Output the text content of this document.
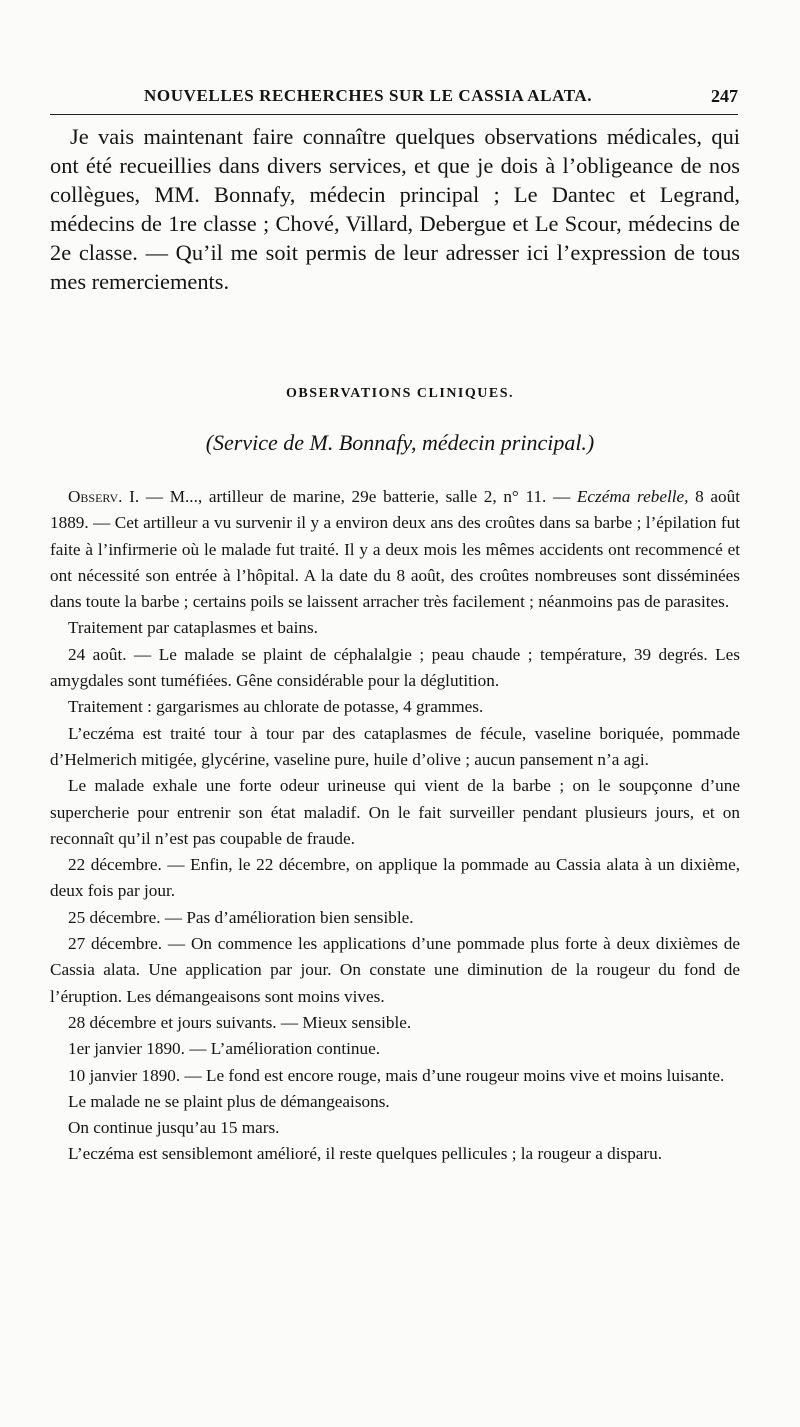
NOUVELLES RECHERCHES SUR LE CASSIA ALATA.	247

Je vais maintenant faire connaître quelques observations médicales, qui ont été recueillies dans divers services, et que je dois à l’obligeance de nos collègues, MM. Bonnafy, médecin principal ; Le Dantec et Legrand, médecins de 1re classe ; Chové, Villard, Debergue et Le Scour, médecins de 2e classe. — Qu’il me soit permis de leur adresser ici l’expression de tous mes remerciements.

OBSERVATIONS CLINIQUES.
(Service de M. Bonnafy, médecin principal.)

Observ. I. — M..., artilleur de marine, 29e batterie, salle 2, n° 11. — Eczéma rebelle, 8 août 1889. — Cet artilleur a vu survenir il y a environ deux ans des croûtes dans sa barbe ; l’épilation fut faite à l’infirmerie où le malade fut traité. Il y a deux mois les mêmes accidents ont recommencé et ont nécessité son entrée à l’hôpital. A la date du 8 août, des croûtes nombreuses sont disséminées dans toute la barbe ; certains poils se laissent arracher très facilement ; néanmoins pas de parasites.

Traitement par cataplasmes et bains.

24 août. — Le malade se plaint de céphalalgie ; peau chaude ; température, 39 degrés. Les amygdales sont tuméfiées. Gêne considérable pour la déglutition.

Traitement : gargarismes au chlorate de potasse, 4 grammes.

L’eczéma est traité tour à tour par des cataplasmes de fécule, vaseline boriquée, pommade d’Helmerich mitigée, glycérine, vaseline pure, huile d’olive ; aucun pansement n’a agi.

Le malade exhale une forte odeur urineuse qui vient de la barbe ; on le soupçonne d’une supercherie pour entrenir son état maladif. On le fait surveiller pendant plusieurs jours, et on reconnaît qu’il n’est pas coupable de fraude.

22 décembre. — Enfin, le 22 décembre, on applique la pommade au Cassia alata à un dixième, deux fois par jour.

25 décembre. — Pas d’amélioration bien sensible.

27 décembre. — On commence les applications d’une pommade plus forte à deux dixièmes de Cassia alata. Une application par jour. On constate une diminution de la rougeur du fond de l’éruption. Les démangeaisons sont moins vives.

28 décembre et jours suivants. — Mieux sensible.

1er janvier 1890. — L’amélioration continue.

10 janvier 1890. — Le fond est encore rouge, mais d’une rougeur moins vive et moins luisante.

Le malade ne se plaint plus de démangeaisons.

On continue jusqu’au 15 mars.

L’eczéma est sensiblemont amélioré, il reste quelques pellicules ; la rougeur a disparu.
